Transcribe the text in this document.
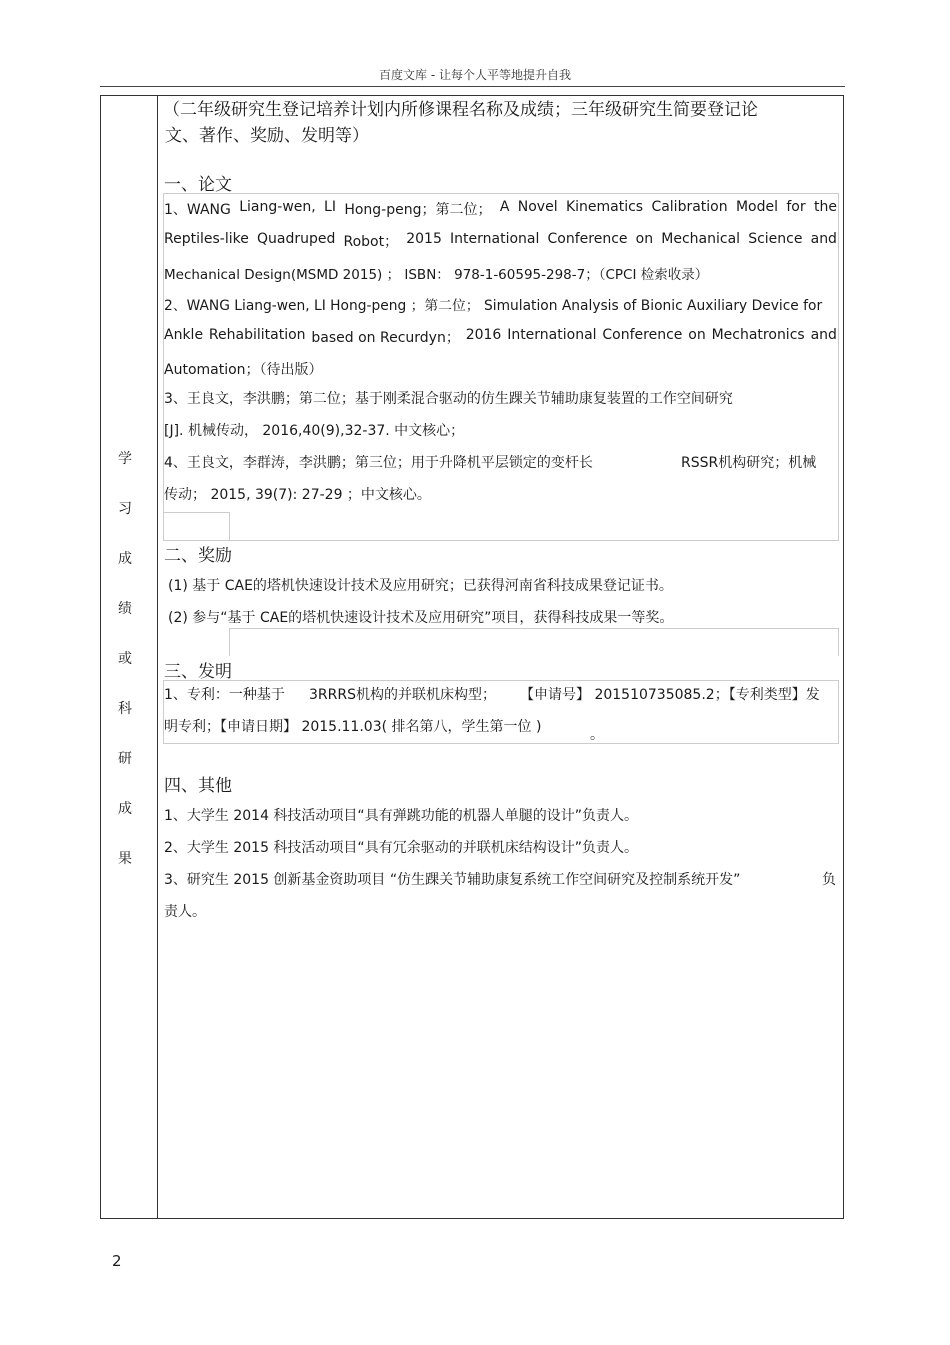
百度文库 - 让每个人平等地提升自我
学
习
成
绩
或
科
研
成
果
（二年级研究生登记培养计划内所修课程名称及成绩；三年级研究生简要登记论
文、著作、奖励、发明等）
一、论文
1、WANG Liang-wen, LI Hong-peng；第二位； A Novel Kinematics Calibration Model for the
Reptiles-like Quadruped Robot； 2015 International Conference on Mechanical Science and
Mechanical Design(MSMD 2015) ； ISBN： 978-1-60595-298-7；（CPCI 检索收录）
2、WANG Liang-wen, LI Hong-peng ；第二位； Simulation Analysis of Bionic Auxiliary Device for
Ankle Rehabilitation based on Recurdyn； 2016 International Conference on Mechatronics and
Automation；（待出版）
3、王良文，李洪鹏；第二位；基于刚柔混合驱动的仿生踝关节辅助康复装置的工作空间研究
[J]. 机械传动， 2016,40(9),32-37. 中文核心；
4、王良文，李群涛，李洪鹏；第三位；用于升降机平层锁定的变杆长	RSSR机构研究；机械
传动； 2015, 39(7): 27-29 ；中文核心。
二、奖励
(1) 基于 CAE的塔机快速设计技术及应用研究；已获得河南省科技成果登记证书。
(2) 参与“基于 CAE的塔机快速设计技术及应用研究”项目，获得科技成果一等奖。
三、发明
1、专利：一种基于 3RRRS机构的并联机床构型； 【申请号】 201510735085.2；【专利类型】发
明专利；【申请日期】 2015.11.03( 排名第八，学生第一位 )	。
四、其他
1、大学生 2014 科技活动项目“具有弹跳功能的机器人单腿的设计”负责人。
2、大学生 2015 科技活动项目“具有冗余驱动的并联机床结构设计”负责人。
3、研究生 2015 创新基金资助项目 “仿生踝关节辅助康复系统工作空间研究及控制系统开发”	负
责人。
2
